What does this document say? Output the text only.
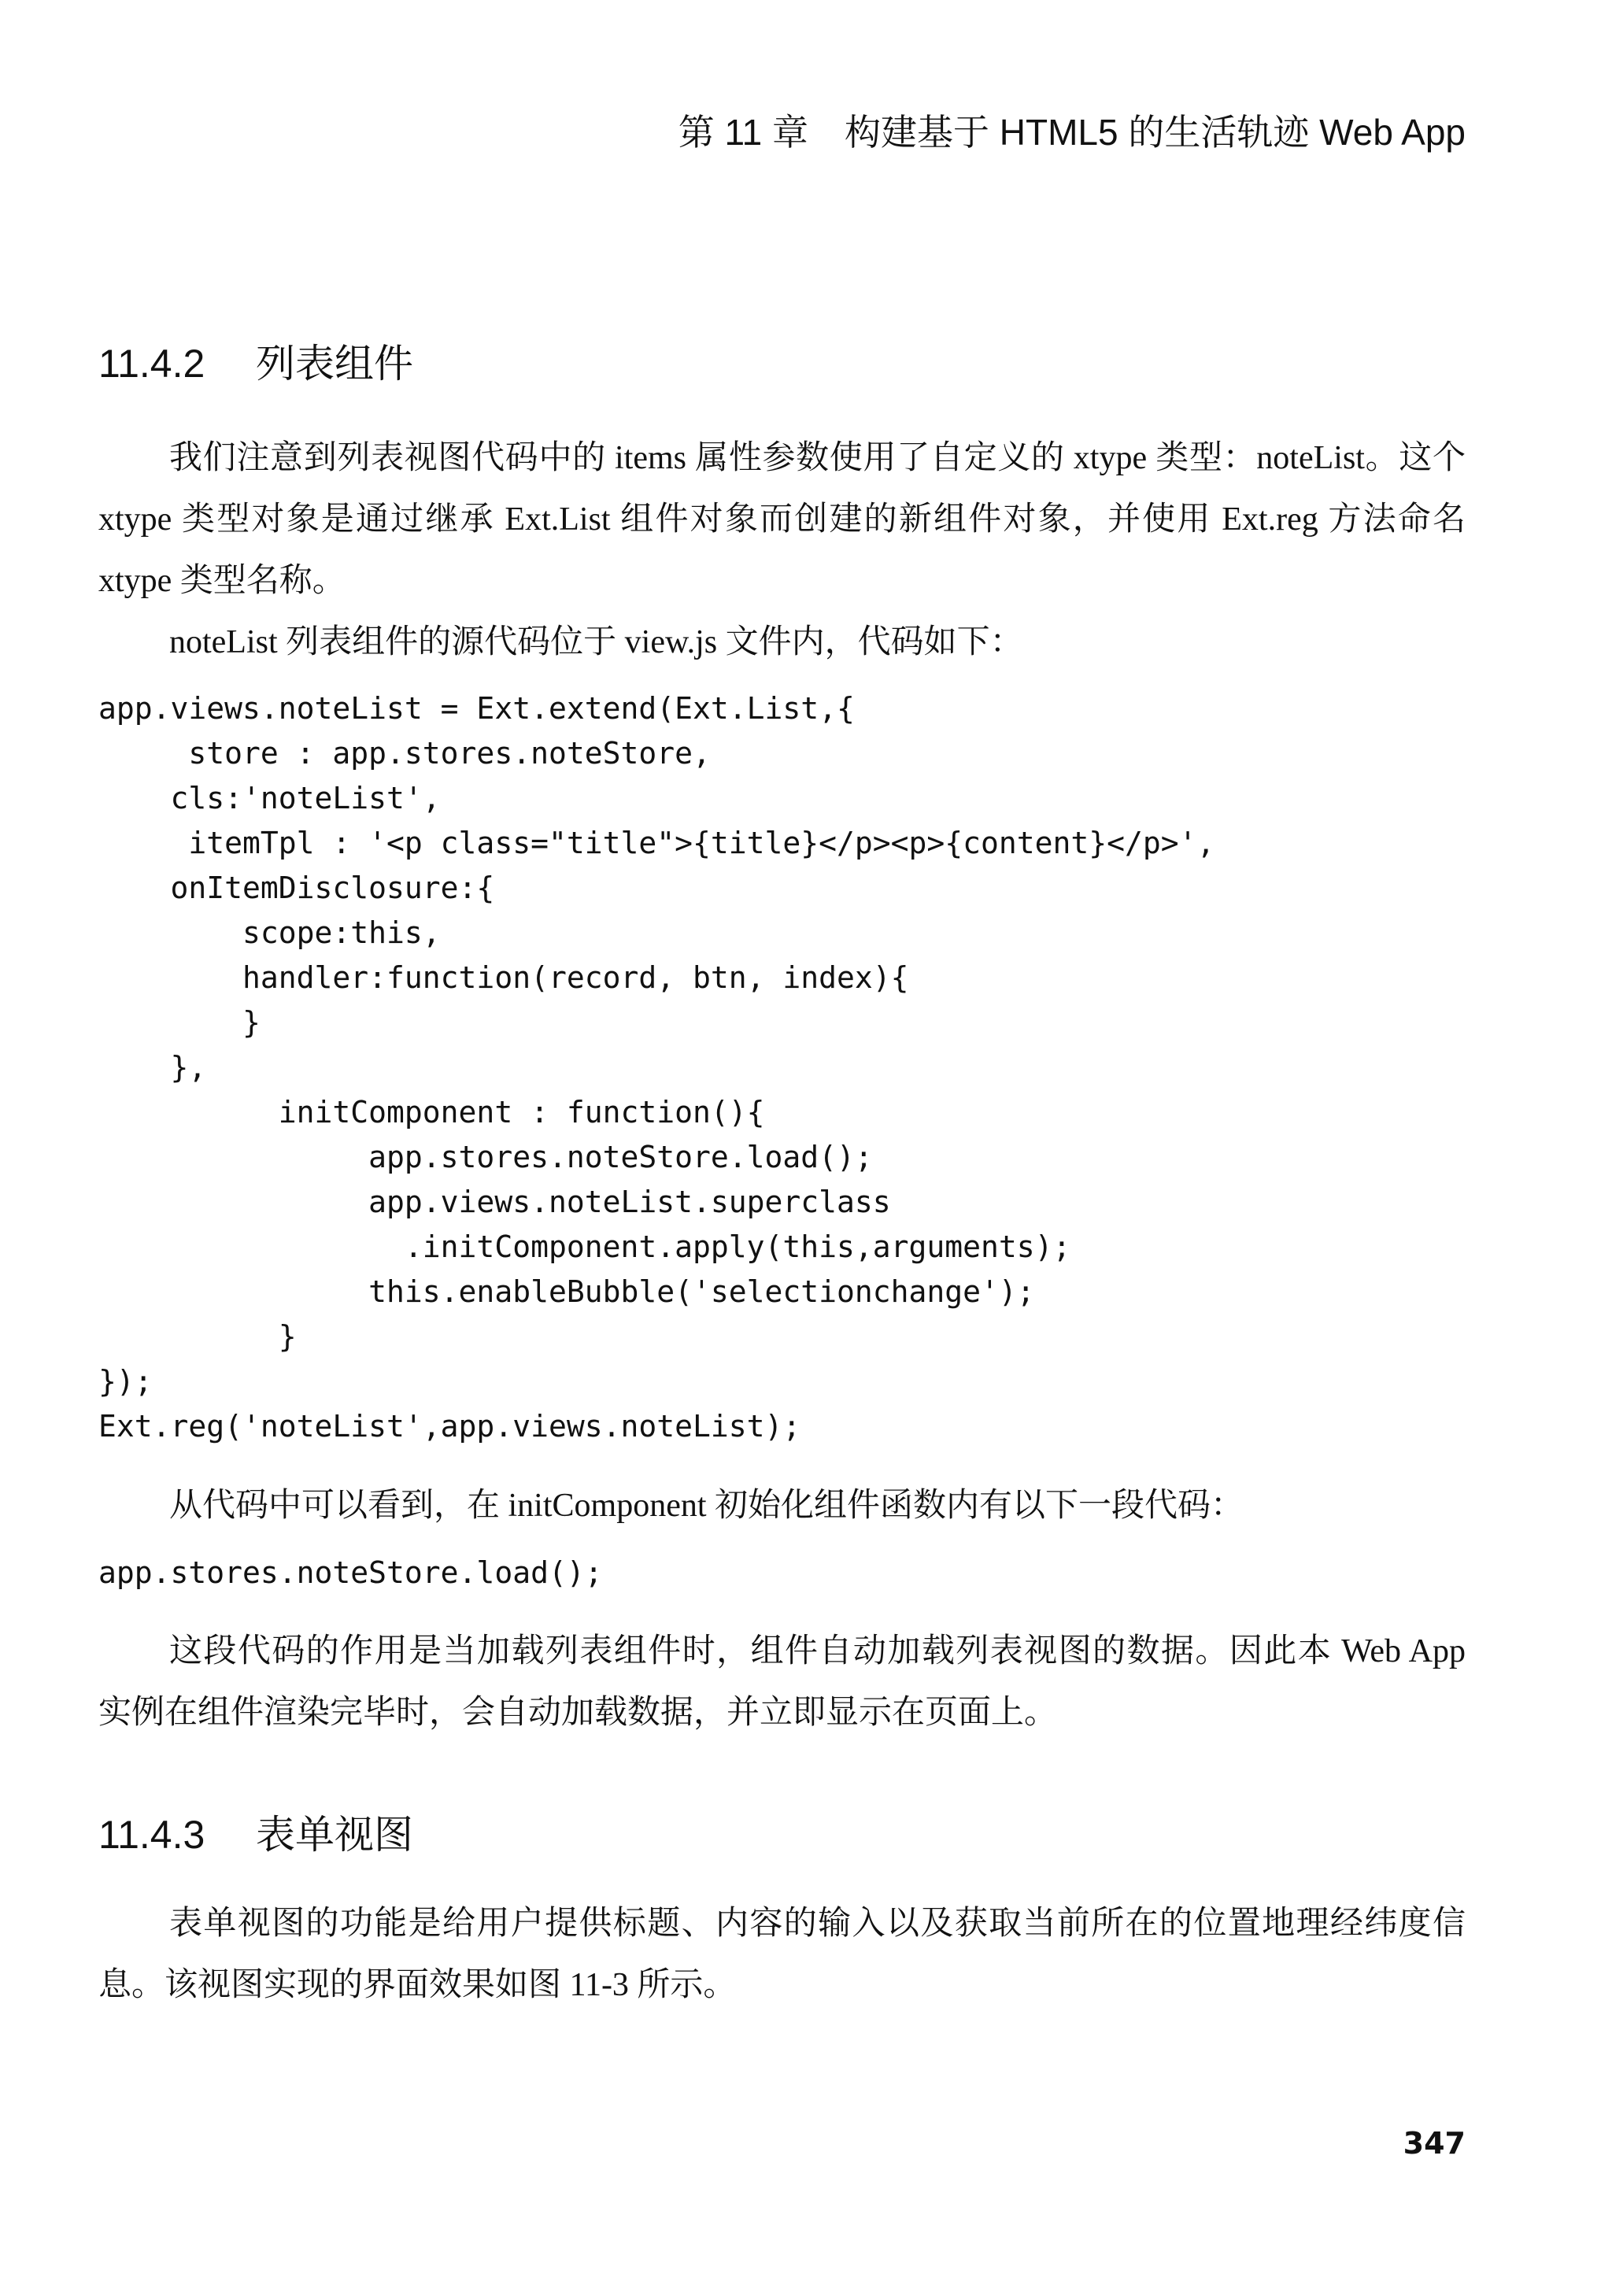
第 11 章　构建基于 HTML5 的生活轨迹 Web App
11.4.2 列表组件
我们注意到列表视图代码中的 items 属性参数使用了自定义的 xtype 类型：noteList。这个 xtype 类型对象是通过继承 Ext.List 组件对象而创建的新组件对象，并使用 Ext.reg 方法命名 xtype 类型名称。
noteList 列表组件的源代码位于 view.js 文件内，代码如下：
app.views.noteList = Ext.extend(Ext.List,{
store : app.stores.noteStore,
cls:'noteList',
itemTpl : '<p class="title">{title}</p><p>{content}</p>',
onItemDisclosure:{
scope:this,
handler:function(record, btn, index){
}
},
initComponent : function(){
app.stores.noteStore.load();
app.views.noteList.superclass
.initComponent.apply(this,arguments);
this.enableBubble('selectionchange');
}
});
Ext.reg('noteList',app.views.noteList);
从代码中可以看到，在 initComponent 初始化组件函数内有以下一段代码：
app.stores.noteStore.load();
这段代码的作用是当加载列表组件时，组件自动加载列表视图的数据。因此本 Web App 实例在组件渲染完毕时，会自动加载数据，并立即显示在页面上。
11.4.3 表单视图
表单视图的功能是给用户提供标题、内容的输入以及获取当前所在的位置地理经纬度信息。该视图实现的界面效果如图 11-3 所示。
347
